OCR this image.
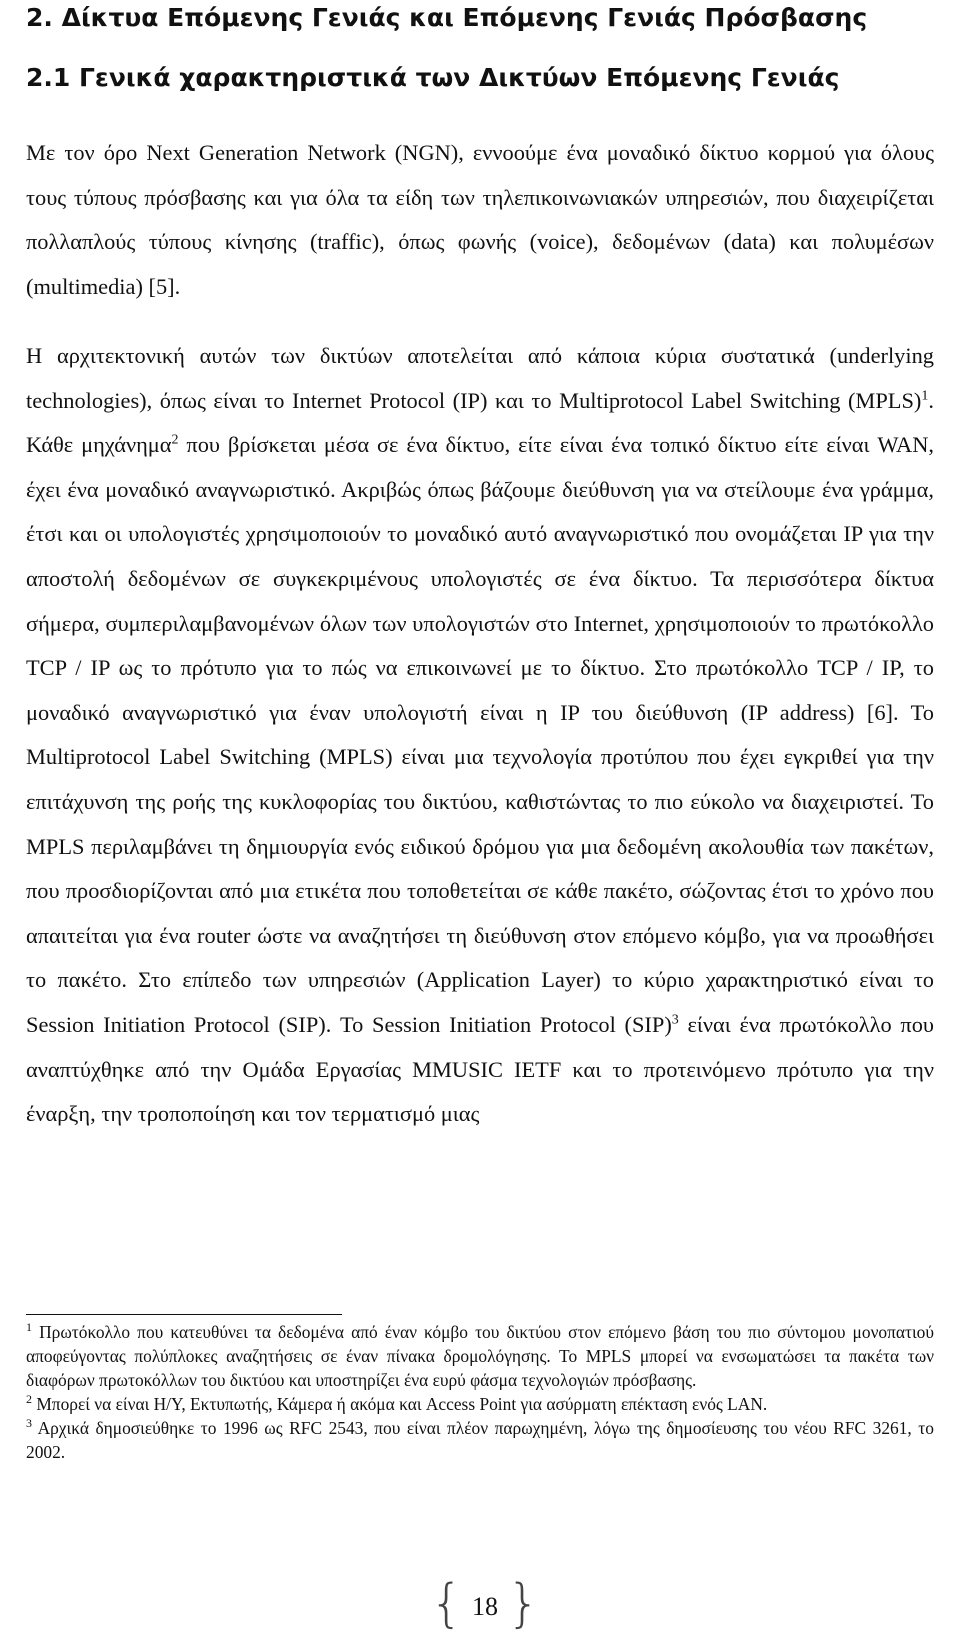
2. Δίκτυα Επόμενης Γενιάς και Επόμενης Γενιάς Πρόσβασης
2.1 Γενικά χαρακτηριστικά των Δικτύων Επόμενης Γενιάς

Με τον όρο Next Generation Network (NGN), εννοούμε ένα μοναδικό δίκτυο κορμού για όλους τους τύπους πρόσβασης και για όλα τα είδη των τηλεπικοινωνιακών υπηρεσιών, που διαχειρίζεται πολλαπλούς τύπους κίνησης (traffic), όπως φωνής (voice), δεδομένων (data) και πολυμέσων (multimedia) [5].

Η αρχιτεκτονική αυτών των δικτύων αποτελείται από κάποια κύρια συστατικά (underlying technologies), όπως είναι το Internet Protocol (IP) και το Multiprotocol Label Switching (MPLS)$^1$. Κάθε μηχάνημα$^2$ που βρίσκεται μέσα σε ένα δίκτυο, είτε είναι ένα τοπικό δίκτυο είτε είναι WAN, έχει ένα μοναδικό αναγνωριστικό. Ακριβώς όπως βάζουμε διεύθυνση για να στείλουμε ένα γράμμα, έτσι και οι υπολογιστές χρησιμοποιούν το μοναδικό αυτό αναγνωριστικό που ονομάζεται IP για την αποστολή δεδομένων σε συγκεκριμένους υπολογιστές σε ένα δίκτυο. Τα περισσότερα δίκτυα σήμερα, συμπεριλαμβανομένων όλων των υπολογιστών στο Internet, χρησιμοποιούν το πρωτόκολλο TCP / IP ως το πρότυπο για το πώς να επικοινωνεί με το δίκτυο. Στο πρωτόκολλο TCP / IP, το μοναδικό αναγνωριστικό για έναν υπολογιστή είναι η IP του διεύθυνση (IP address) [6]. Το Multiprotocol Label Switching (MPLS) είναι μια τεχνολογία προτύπου που έχει εγκριθεί για την επιτάχυνση της ροής της κυκλοφορίας του δικτύου, καθιστώντας το πιο εύκολο να διαχειριστεί. Το MPLS περιλαμβάνει τη δημιουργία ενός ειδικού δρόμου για μια δεδομένη ακολουθία των πακέτων, που προσδιορίζονται από μια ετικέτα που τοποθετείται σε κάθε πακέτο, σώζοντας έτσι το χρόνο που απαιτείται για ένα router ώστε να αναζητήσει τη διεύθυνση στον επόμενο κόμβο, για να προωθήσει το πακέτο. Στο επίπεδο των υπηρεσιών (Application Layer) το κύριο χαρακτηριστικό είναι το Session Initiation Protocol (SIP). Το Session Initiation Protocol (SIP)$^3$ είναι ένα πρωτόκολλο που αναπτύχθηκε από την Ομάδα Εργασίας MMUSIC IETF και το προτεινόμενο πρότυπο για την έναρξη, την τροποποίηση και τον τερματισμό μιας

$^1$ Πρωτόκολλο που κατευθύνει τα δεδομένα από έναν κόμβο του δικτύου στον επόμενο βάση του πιο σύντομου μονοπατιού αποφεύγοντας πολύπλοκες αναζητήσεις σε έναν πίνακα δρομολόγησης. Το MPLS μπορεί να ενσωματώσει τα πακέτα των διαφόρων πρωτοκόλλων του δικτύου και υποστηρίζει ένα ευρύ φάσμα τεχνολογιών πρόσβασης.

$^2$ Μπορεί να είναι Η/Υ, Εκτυπωτής, Κάμερα ή ακόμα και Access Point για ασύρματη επέκταση ενός LAN.

$^3$ Αρχικά δημοσιεύθηκε το 1996 ως RFC 2543, που είναι πλέον παρωχημένη, λόγω της δημοσίευσης του νέου RFC 3261, το 2002.

{ 18 }
